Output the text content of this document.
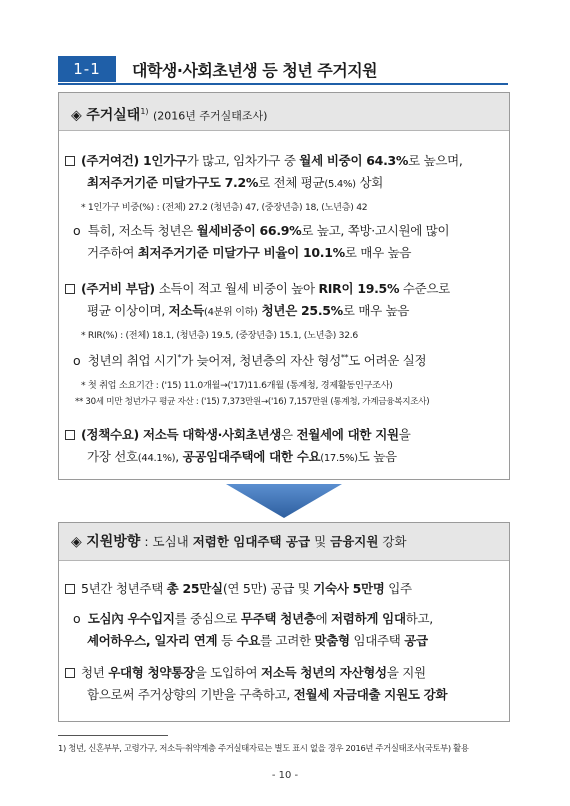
1-1	대학생·사회초년생 등 청년 주거지원
◈ 주거실태$^{1)}$ (2016년 주거실태조사)
(주거여건) 1인가구가 많고, 임차가구 중 월세 비중이 64.3%로 높으며,
최저주거기준 미달가구도 7.2%로 전체 평균(5.4%) 상회
* 1인가구 비중(%) : (전체) 27.2 (청년층) 47, (중장년층) 18, (노년층) 42
o  특히, 저소득 청년은 월세비중이 66.9%로 높고, 쪽방·고시원에 많이
거주하여 최저주거기준 미달가구 비율이 10.1%로 매우 높음
(주거비 부담) 소득이 적고 월세 비중이 높아 RIR이 19.5% 수준으로
평균 이상이며, 저소득(4분위 이하) 청년은 25.5%로 매우 높음
* RIR(%) : (전체) 18.1, (청년층) 19.5, (중장년층) 15.1, (노년층) 32.6
o  청년의 취업 시기*가 늦어져, 청년층의 자산 형성**도 어려운 실정
* 첫 취업 소요기간 : ('15) 11.0개월→('17)11.6개월 (통계청, 경제활동인구조사)
** 30세 미만 청년가구 평균 자산 : ('15) 7,373만원→('16) 7,157만원 (통계청, 가계금융복지조사)
(정책수요) 저소득 대학생·사회초년생은 전월세에 대한 지원을
가장 선호(44.1%), 공공임대주택에 대한 수요(17.5%)도 높음
◈ 지원방향 : 도심내 저렴한 임대주택 공급 및 금융지원 강화
5년간 청년주택 총 25만실(연 5만) 공급 및 기숙사 5만명 입주
o  도심內 우수입지를 중심으로 무주택 청년층에 저렴하게 임대하고,
셰어하우스, 일자리 연계 등 수요를 고려한 맞춤형 임대주택 공급
청년 우대형 청약통장을 도입하여 저소득 청년의 자산형성을 지원
함으로써 주거상향의 기반을 구축하고, 전월세 자금대출 지원도 강화
1) 청년, 신혼부부, 고령가구, 저소득·취약계층 주거실태자료는 별도 표시 없을 경우 2016년 주거실태조사(국토부) 활용
- 10 -
